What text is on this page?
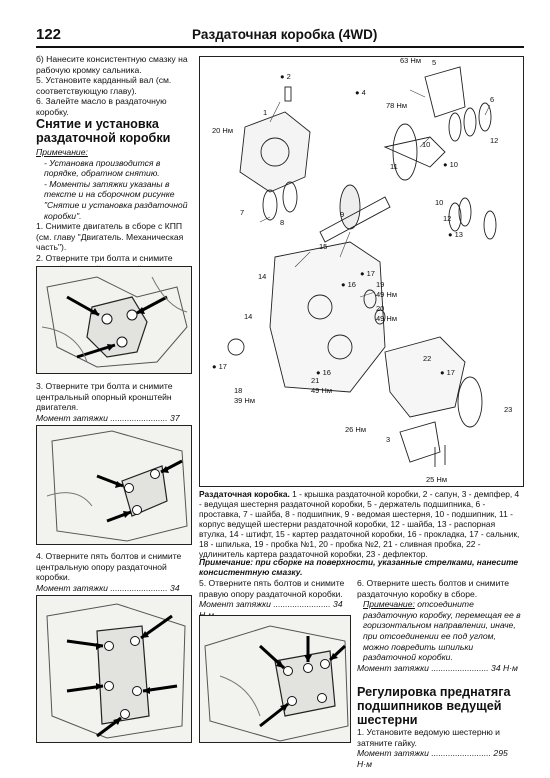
122	Раздаточная коробка (4WD)

б) Нанесите консистентную смазку на рабочую кромку сальника.

5. Установите карданный вал (см. соответствующую главу).

6. Залейте масло в раздаточную коробку.

Снятие и установка раздаточной коробки

Примечание:

- Установка производится в порядке, обратном снятию.

- Моменты затяжки указаны в тексте и на сборочном рисунке "Снятие и установка раздаточной коробки".

1. Снимите двигатель в сборе с КПП (см. главу "Двигатель. Механическая часть").

2. Отверните три болта и снимите

3. Отверните три болта и снимите центральный опорный кронштейн двигателя.

Момент затяжки ........................ 37

4. Отверните пять болтов и снимите центральную опору раздаточной коробки.

Момент затяжки ........................ 34

● 2
1
20 Нм
63 Нм 5
78 Нм
6
● 4
10
11
12
● 10
7
8
9
10
12
● 13
15
14
14
● 17
● 16	19
49 Нм
20
49 Нм
● 17
● 16
18
39 Нм
21
49 Нм
22
● 17
23
26 Нм
3
25 Нм
Раздаточная коробка. 1 - крышка раздаточной коробки, 2 - сапун, 3 - демпфер, 4 - ведущая шестерня раздаточной коробки, 5 - держатель подшипника, 6 - проставка, 7 - шайба, 8 - подшипник, 9 - ведомая шестерня, 10 - подшипник, 11 - корпус ведущей шестерни раздаточной коробки, 12 - шайба, 13 - распорная втулка, 14 - штифт, 15 - картер раздаточной коробки, 16 - прокладка, 17 - сальник, 18 - шпилька, 19 - пробка №1, 20 - пробка №2, 21 - сливная пробка, 22 - удлинитель картера раздаточной коробки, 23 - дефлектор.
Примечание: при сборке на поверхности, указанные стрелками, нанесите консистентную смазку.

5. Отверните пять болтов и снимите правую опору раздаточной коробки.

Момент затяжки ........................ 34

6. Отверните шесть болтов и снимите раздаточную коробку в сборе.

Примечание: отсоедините раздаточную коробку, перемещая ее в горизонтальном направлении, иначе, при отсоединении ее под углом, можно повредить шпильки раздаточной коробки.

Момент затяжки ........................ 34 Н·м

Регулировка преднатяга подшипников ведущей шестерни

1. Установите ведомую шестерню и затяните гайку.

Момент затяжки ......................... 295 Н·м
